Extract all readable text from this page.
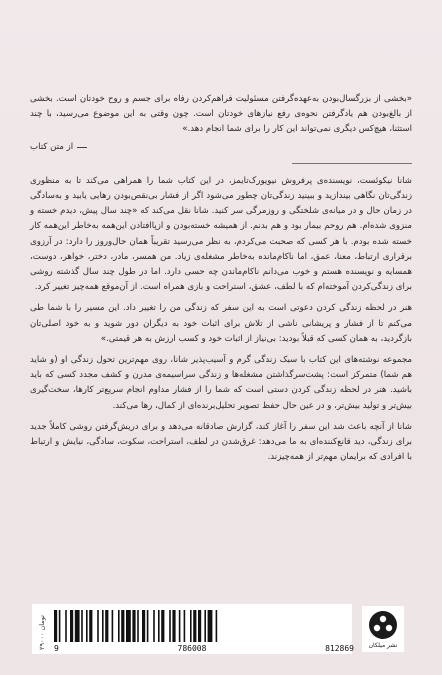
«بخشی از بزرگسال‌بودن به‌عهده‌گرفتن مسئولیت فراهم‌کردن رفاه برای جسم و روح خودتان است. بخشی از بالغ‌بودن هم یادگرفتن نحوه‌ی رفع نیازهای خودتان است. چون وقتی به این موضوع می‌رسید، با چند استثنا، هیچ‌کس دیگری نمی‌تواند این کار را برای شما انجام دهد.»

از متن کتاب

شانا نیکوئست، نویسنده‌ی پرفروش نیویورک‌تایمز، در این کتاب شما را همراهی می‌کند تا به منظوری زندگی‌تان نگاهی بیندازید و ببینید زندگی‌تان چطور می‌شود اگر از فشار بی‌نقص‌بودن رهایی یابید و به‌سادگی در زمان حال و در میانه‌ی شلختگی و روزمرگی سر کنید. شانا نقل می‌کند که «چند سال پیش، دیدم خسته و منزوی شده‌ام. هم روحم بیمار بود و هم بدنم. از همیشه خسته‌بودن و ازپاافتادن این‌همه به‌خاطر این‌همه کار خسته شده بودم. با هر کسی که صحبت می‌کردم، به نظر می‌رسید تقریباً همان حال‌وروز را دارد: در آرزوی برقراری ارتباط، معنا، عمق، اما ناکام‌مانده به‌خاطر مشغله‌ی زیاد. من همسر، مادر، دختر، خواهر، دوست، همسایه و نویسنده هستم و خوب می‌دانم ناکام‌ماندن چه حسی دارد. اما در طول چند سال گذشته روشی برای زندگی‌کردن آموخته‌ام که با لطف، عشق، استراحت و بازی همراه است. از آن‌موقع همه‌چیز تغییر کرد.

هنر در لحظه زندگی کردن دعوتی است به این سفر که زندگی من را تغییر داد. این مسیر را با شما طی می‌کنم تا از فشار و پریشانی ناشی از تلاش برای اثبات خود به دیگران دور شوید و به خود اصلی‌تان بازگردید، به همان کسی که قبلاً بودید: بی‌نیاز از اثبات خود و کسب ارزش به هر قیمتی.»

مجموعه نوشته‌های این کتاب با سبک زندگی گرم و آسیب‌پذیر شانا، روی مهم‌ترین تحول زندگی او (و شاید هم شما) متمرکز است: پشت‌سرگذاشتن مشغله‌ها و زندگی سراسیمه‌ی مدرن و کشف مجدد کسی که باید باشید. هنر در لحظه زندگی کردن دستی است که شما را از فشار مداوم انجام سریع‌تر کارها، سخت‌گیری بیش‌تر و تولید بیش‌تر، و در عین حال حفظ تصویر تحلیل‌برنده‌ای از کمال، رها می‌کند.

شانا از آنچه باعث شد این سفر را آغاز کند، گزارش صادقانه می‌دهد و برای دریش‌گرفتن روشی کاملاً جدید برای زندگی، دید قانع‌کننده‌ای به ما می‌دهد: غرق‌شدن در لطف، استراحت، سکوت، سادگی، نیایش و ارتباط با افرادی که برایمان مهم‌تر از همه‌چیزند.

۲۹۰۰۰ تومان
9	786008	812869 نشر میلکان
